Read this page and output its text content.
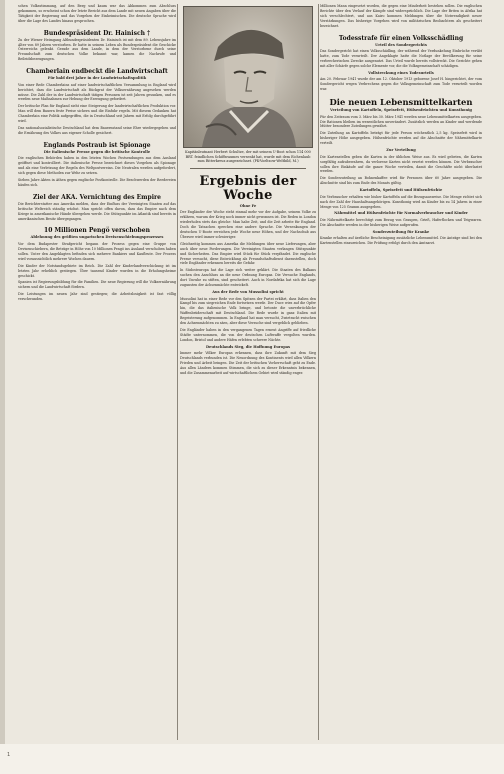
schen Volksstimmung, auf den Berg und kaum war das Abkommen zum Abschluss gekommen, so erscheint schon der letzte Bericht aus dem Lande mit neuen Angaben über die Tätigkeit der Regierung und das Vorgehen der Einheimischen. Die deutsche Sprache wird über die Lage des Landes hinaus gesprochen.

Bundespräsident Dr. Hainisch †

Zu der Wiener Heimgang Altbundespräsidenten Dr. Hainisch ist mit dem 89. Lebensjahre im Alter von 89 Jahren verstorben. Er hatte in seinem Leben als Bundespräsident die Geschicke Österreichs gelenkt. Gerade aus dem Lande, in dem der Verstorbene durch seine Freundschaft zum deutschen Volke bekannt war, kamen die Nachrufe und Beileidsbezeugungen.

Chamberlain endbeckt die Landwirtschaft
Für bald drei Jahre in der Landwirtschaftspolitik

Von einer Rede Chamberlains auf einer landwirtschaftlichen Versammlung in England wird berichtet, dass die Landwirtschaft als Rückgrat der Volksernährung angesehen werden müsse. Die Zahl der in der Landwirtschaft tätigen Personen ist seit Jahren gesunken, und es werden neue Maßnahmen zur Hebung der Erzeugung gefordert.

Der britische Plan für England sieht eine Steigerung der landwirtschaftlichen Produktion vor. Man will dem Bauern feste Preise sichern und die Einfuhr regeln. Mit diesem Gedanken hat Chamberlain eine Politik aufgegriffen, die in Deutschland seit Jahren mit Erfolg durchgeführt wird.

Das nationalsozialistische Deutschland hat dem Bauernstand seine Ehre wiedergegeben und die Ernährung des Volkes aus eigener Scholle gesichert.

Englands Postraub ist Spionage
Die italienische Presse gegen die britische Kontrolle

Die englischen Behörden haben in den letzten Wochen Postsendungen aus dem Ausland geöffnet und kontrolliert. Die italienische Presse bezeichnet dieses Vorgehen als Spionage und als eine Verletzung der Regeln des Weltpostvereins. Die Neutralen werden aufgefordert, sich gegen diese Methoden zur Wehr zu setzen.

Sieben Jahre Akten in Athen gegen englische Postkontrolle. Die Beschwerden der Reedereien häufen sich.

Ziel der AKA. Vernichtung des Empire

Die Berichterstatter aus Amerika melden, dass der Einfluss der Vereinigten Staaten auf das britische Weltreich ständig wächst. Man spricht offen davon, dass das Empire nach dem Kriege in amerikanische Hände übergehen werde. Die Stützpunkte im Atlantik sind bereits in amerikanischen Besitz übergegangen.

10 Millionen Pengö verschoben
Ablehnung des größten ungarischen Devisenschiebungsprozesses

Vor dem Budapester Strafgericht begann der Prozess gegen eine Gruppe von Devisenschiebern, die Beträge in Höhe von 10 Millionen Pengö ins Ausland verschoben haben sollen. Unter den Angeklagten befinden sich mehrere Bankiers und Kaufleute. Der Prozess wird voraussichtlich mehrere Wochen dauern.

Die Kinder der Notstandsgebiete im Reich. Die Zahl der Kinderlandverschickung ist im letzten Jahr erheblich gestiegen. Über tausend Kinder wurden in die Erholungsheime geschickt.

Spanien ist Regierungsbildung für die Familien. Die neue Regierung will die Volksernährung sichern und die Landwirtschaft fördern.

Die Leistungen im neuen Jahr sind gestiegen; die Arbeitslosigkeit ist fast völlig verschwunden.

Kapitänleutnant Herbert Schultze, der mit seinem U-Boot schon 114 000 BRT. feindlichen Schiffsraumes versenkt hat, wurde mit dem Eichenlaub zum Ritterkreuz ausgezeichnet. (PK-Voeltzow-Weltbild, M.)
Ergebnis der Woche
Ohne Fe

Der Engländer der Woche steht einmal mehr vor der Aufgabe, seinem Volke zu erklären, warum der Krieg noch immer nicht gewonnen ist. Die Reden in London wiederholen stets das gleiche: Man habe Zeit, und die Zeit arbeite für England. Doch die Tatsachen sprechen eine andere Sprache. Die Versenkungen der deutschen U-Boote erreichen jede Woche neue Höhen, und der Nachschub aus Übersee wird immer schwieriger.

Gleichzeitig kommen aus Amerika die Meldungen über neue Lieferungen, aber auch über neue Forderungen. Die Vereinigten Staaten verlangen Stützpunkte und Sicherheiten. Das Empire wird Stück für Stück verpfändet. Die englische Presse versucht, diese Entwicklung als Freundschaftsdienst darzustellen, doch viele Engländer erkennen bereits die Gefahr.

In Südosteuropa hat die Lage sich weiter geklärt. Die Staaten des Balkans suchen den Anschluss an die neue Ordnung Europas. Die Versuche Englands, dort Unruhe zu stiften, sind gescheitert. Auch in Nordafrika hat sich die Lage zugunsten der Achsenmächte entwickelt.

Aus der Rede von Mussolini spricht

Mussolini hat in einer Rede vor den Spitzen der Partei erklärt, dass Italien den Kampf bis zum siegreichen Ende fortsetzen werde. Der Duce wies auf die Opfer hin, die das italienische Volk bringe, und betonte die unverbrüchliche Waffenbrüderschaft mit Deutschland. Die Rede wurde in ganz Italien mit Begeisterung aufgenommen. In England hat man versucht, Zwietracht zwischen den Achsenmächten zu säen, aber diese Versuche sind vergeblich geblieben.

Die Engländer haben in den vergangenen Tagen erneut Angriffe auf friedliche Städte unternommen, die von der deutschen Luftwaffe vergolten wurden. London, Bristol und andere Häfen erlebten schwere Nächte.

Deutschlands Sieg, die Hoffnung Europas

Immer mehr Völker Europas erkennen, dass ihre Zukunft mit dem Sieg Deutschlands verbunden ist. Die Neuordnung des Kontinents wird allen Völkern Frieden und Arbeit bringen. Die Zeit der britischen Vorherrschaft geht zu Ende. Aus allen Ländern kommen Stimmen, die sich zu dieser Erkenntnis bekennen, und die Zusammenarbeit auf wirtschaftlichem Gebiet wird ständig enger.

Millionen Mann eingesetzt worden, die gegen eine Minderheit bestehen sollen. Die englischen Berichte über den Verlauf der Kämpfe sind widersprüchlich. Die Lage der Briten in Afrika hat sich verschlechtert, und aus Kairo kommen Meldungen über die Notwendigkeit neuer Verstärkungen. Das bisherige Vorgehen wird von militärischen Beobachtern als gescheitert bezeichnet.

Todesstrafe für einen Volksschädling
Urteil des Sondergerichts

Das Sondergericht hat einen Volksschädling, der während der Verdunkelung Einbrüche verübt hatte, zum Tode verurteilt. Der Angeklagte hatte die Notlage der Bevölkerung für seine verbrecherischen Zwecke ausgenutzt. Das Urteil wurde bereits vollstreckt. Die Gerichte gehen mit aller Schärfe gegen solche Elemente vor, die die Volksgemeinschaft schädigen.

Vollstreckung eines Todesurteils

Am 20. Februar 1941 wurde der am 12. Oktober 1913 geborene Josef H. hingerichtet, der vom Sondergericht wegen Verbrechens gegen die Volksgemeinschaft zum Tode verurteilt worden war.

Die neuen Lebensmittelkarten
Verteilung von Kartoffeln, Speisefett, Hülsenfrüchten und Kunsthonig

Für den Zeitraum vom 3. März bis 30. März 1941 werden neue Lebensmittelkarten ausgegeben. Die Rationen bleiben im wesentlichen unverändert. Zusätzlich werden an Kinder und werdende Mütter besondere Zuteilungen gewährt.

Die Zuteilung an Kartoffeln beträgt für jede Person wöchentlich 2,5 kg. Speisefett wird in bisheriger Höhe ausgegeben. Hülsenfrüchte werden auf die Abschnitte der Nährmittelkarte verteilt.

Zur Verteilung

Die Kartenstellen geben die Karten in der üblichen Weise aus. Es wird gebeten, die Karten sorgfältig aufzubewahren, da verlorene Karten nicht ersetzt werden können. Die Verbraucher sollen ihre Einkäufe auf die ganze Woche verteilen, damit die Geschäfte nicht überlastet werden.

Die Sonderzuteilung an Bohnenkaffee wird für Personen über 60 Jahre ausgegeben. Die Abschnitte sind bis zum Ende des Monats gültig.

Kartoffeln, Speisefett und Hülsenfrüchte

Die Verbraucher erhalten wie bisher Kartoffeln auf die Bezugsausweise. Die Menge richtet sich nach der Zahl der Haushaltsangehörigen. Kunsthonig wird an Kinder bis zu 14 Jahren in einer Menge von 125 Gramm ausgegeben.

Nährmittel und Hülsenfrüchte für Normalverbraucher und Kinder

Die Nährmittelkarte berechtigt zum Bezug von Graupen, Grieß, Haferflocken und Teigwaren. Die Abschnitte werden in der bisherigen Weise aufgerufen.

Sonderzuteilung für Kranke

Kranke erhalten auf ärztliche Bescheinigung zusätzliche Lebensmittel. Die Anträge sind bei den Kartenstellen einzureichen. Die Prüfung erfolgt durch den Amtsarzt.

1
